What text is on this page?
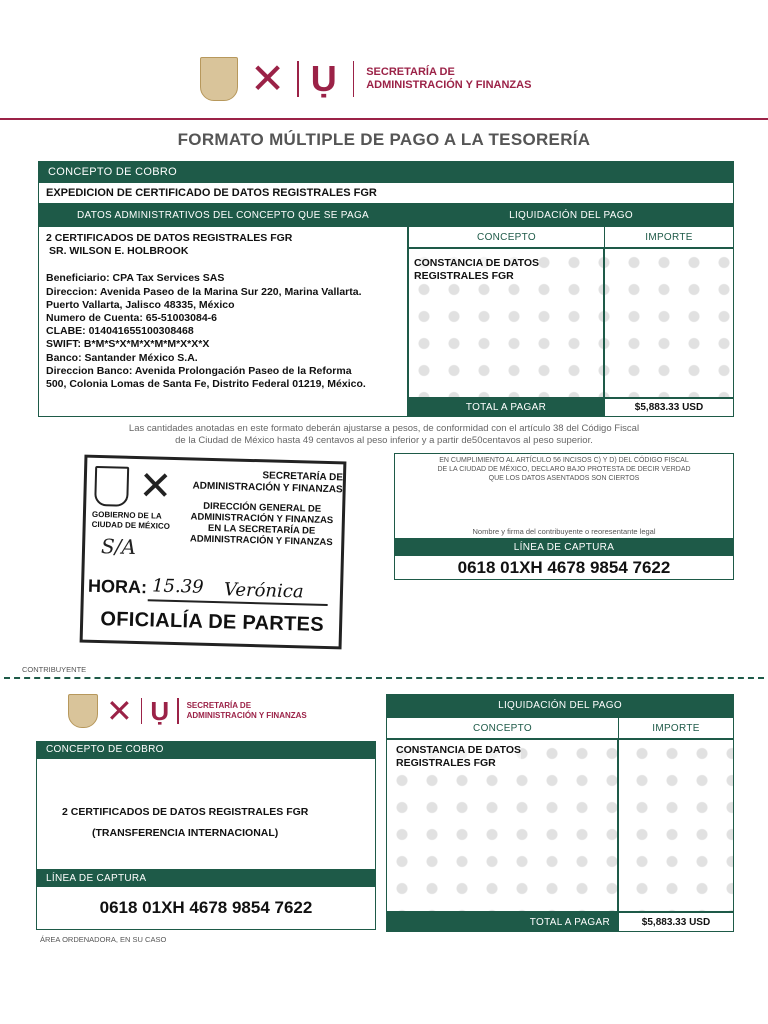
✕ Ụ	SECRETARÍA DE
ADMINISTRACIÓN Y FINANZAS
FORMATO MÚLTIPLE DE PAGO A LA TESORERÍA
CONCEPTO DE COBRO
EXPEDICION DE CERTIFICADO DE DATOS REGISTRALES FGR
DATOS ADMINISTRATIVOS DEL CONCEPTO QUE SE PAGA	LIQUIDACIÓN DEL PAGO
2 CERTIFICADOS DE DATOS REGISTRALES FGR
SR. WILSON E. HOLBROOK
Beneficiario: CPA Tax Services SAS
Direccion: Avenida Paseo de la Marina Sur 220, Marina Vallarta.
Puerto Vallarta, Jalisco 48335, México
Numero de Cuenta: 65-51003084-6
CLABE: 014041655100308468
SWIFT: B*M*S*X*M*X*M*M*X*X*X
Banco: Santander México S.A.
Direccion Banco: Avenida Prolongación Paseo de la Reforma
500, Colonia Lomas de Santa Fe, Distrito Federal 01219, México.
CONCEPTO	IMPORTE
CONSTANCIA DE DATOS
REGISTRALES FGR
TOTAL A PAGAR	$5,883.33 USD
Las cantidades anotadas en este formato deberán ajustarse a pesos, de conformidad con el artículo 38 del Código Fiscal
de la Ciudad de México hasta 49 centavos al peso inferior y a partir de50centavos al peso superior.
✕	SECRETARÍA DE
ADMINISTRACIÓN Y FINANZAS
GOBIERNO DE LA
CIUDAD DE MÉXICO
DIRECCIÓN GENERAL DE
ADMINISTRACIÓN Y FINANZAS
EN LA SECRETARÍA DE
ADMINISTRACIÓN Y FINANZAS
S/A
HORA: 15.39 Verónica
OFICIALÍA DE PARTES
EN CUMPLIMIENTO AL ARTÍCULO 56 INCISOS C) Y D) DEL CÓDIGO FISCAL
DE LA CIUDAD DE MÉXICO, DECLARO BAJO PROTESTA DE DECIR VERDAD
QUE LOS DATOS ASENTADOS SON CIERTOS
Nombre y firma del contribuyente o reoresentante legal
LÍNEA DE CAPTURA
0618 01XH 4678 9854 7622
CONTRIBUYENTE
✕ Ụ SECRETARÍA DE
ADMINISTRACIÓN Y FINANZAS
CONCEPTO DE COBRO
2 CERTIFICADOS DE DATOS REGISTRALES FGR
(TRANSFERENCIA INTERNACIONAL)
LÍNEA DE CAPTURA
0618 01XH 4678 9854 7622
ÁREA ORDENADORA, EN SU CASO
LIQUIDACIÓN DEL PAGO
CONCEPTO	IMPORTE
CONSTANCIA DE DATOS
REGISTRALES FGR
TOTAL A PAGAR	$5,883.33 USD
